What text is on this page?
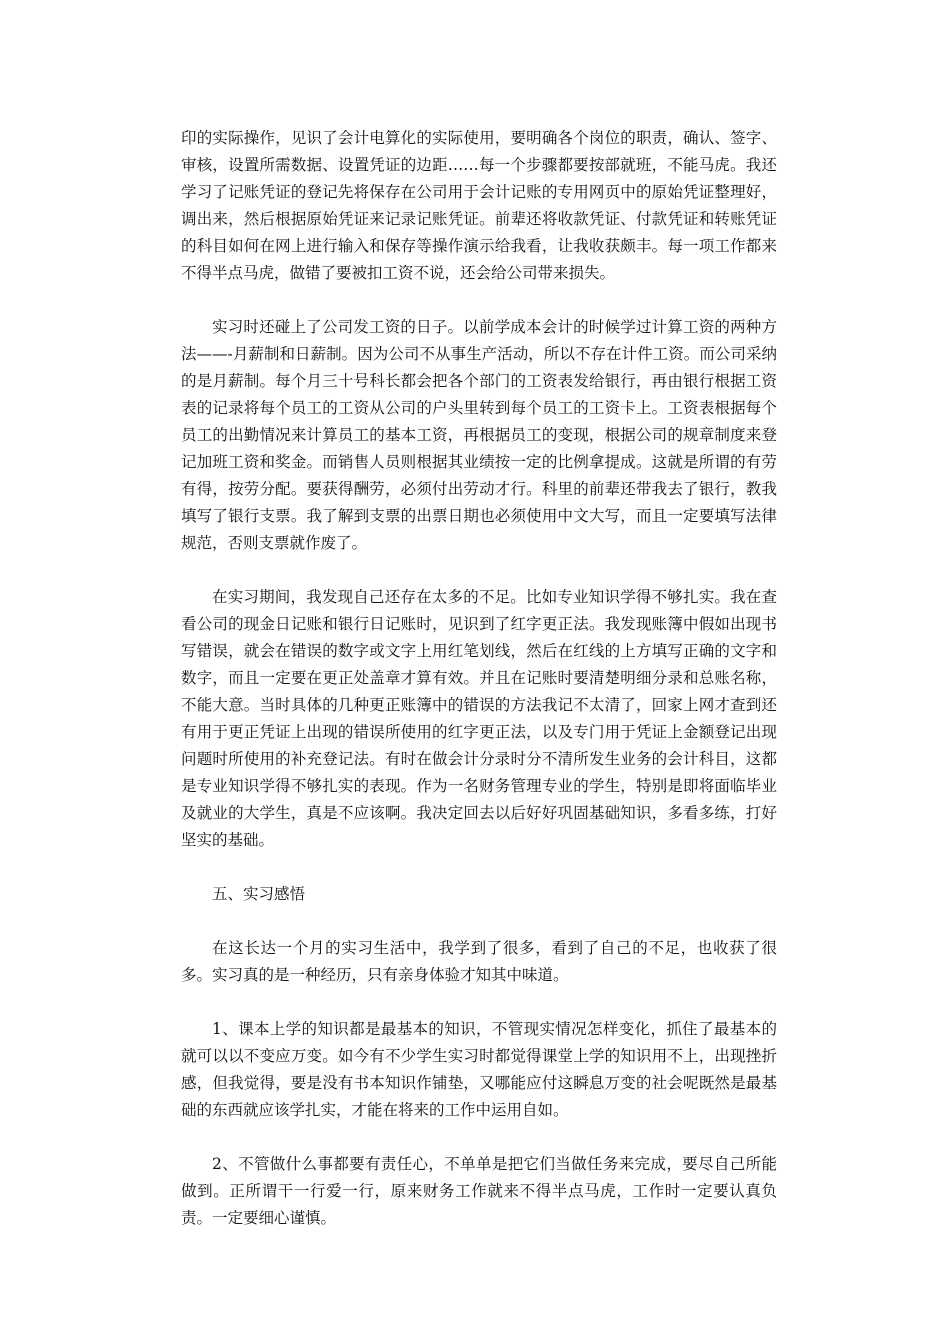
印的实际操作，见识了会计电算化的实际使用，要明确各个岗位的职责，确认、签字、审核，设置所需数据、设置凭证的边距……每一个步骤都要按部就班，不能马虎。我还学习了记账凭证的登记先将保存在公司用于会计记账的专用网页中的原始凭证整理好，调出来，然后根据原始凭证来记录记账凭证。前辈还将收款凭证、付款凭证和转账凭证的科目如何在网上进行输入和保存等操作演示给我看，让我收获颇丰。每一项工作都来不得半点马虎，做错了要被扣工资不说，还会给公司带来损失。

实习时还碰上了公司发工资的日子。以前学成本会计的时候学过计算工资的两种方法——-月薪制和日薪制。因为公司不从事生产活动，所以不存在计件工资。而公司采纳的是月薪制。每个月三十号科长都会把各个部门的工资表发给银行，再由银行根据工资表的记录将每个员工的工资从公司的户头里转到每个员工的工资卡上。工资表根据每个员工的出勤情况来计算员工的基本工资，再根据员工的变现，根据公司的规章制度来登记加班工资和奖金。而销售人员则根据其业绩按一定的比例拿提成。这就是所谓的有劳有得，按劳分配。要获得酬劳，必须付出劳动才行。科里的前辈还带我去了银行，教我填写了银行支票。我了解到支票的出票日期也必须使用中文大写，而且一定要填写法律规范，否则支票就作废了。

在实习期间，我发现自己还存在太多的不足。比如专业知识学得不够扎实。我在查看公司的现金日记账和银行日记账时，见识到了红字更正法。我发现账簿中假如出现书写错误，就会在错误的数字或文字上用红笔划线，然后在红线的上方填写正确的文字和数字，而且一定要在更正处盖章才算有效。并且在记账时要清楚明细分录和总账名称，不能大意。当时具体的几种更正账簿中的错误的方法我记不太清了，回家上网才查到还有用于更正凭证上出现的错误所使用的红字更正法，以及专门用于凭证上金额登记出现问题时所使用的补充登记法。有时在做会计分录时分不清所发生业务的会计科目，这都是专业知识学得不够扎实的表现。作为一名财务管理专业的学生，特别是即将面临毕业及就业的大学生，真是不应该啊。我决定回去以后好好巩固基础知识，多看多练，打好坚实的基础。

五、实习感悟

在这长达一个月的实习生活中，我学到了很多，看到了自己的不足，也收获了很多。实习真的是一种经历，只有亲身体验才知其中味道。

1、课本上学的知识都是最基本的知识，不管现实情况怎样变化，抓住了最基本的就可以以不变应万变。如今有不少学生实习时都觉得课堂上学的知识用不上，出现挫折感，但我觉得，要是没有书本知识作铺垫，又哪能应付这瞬息万变的社会呢既然是最基础的东西就应该学扎实，才能在将来的工作中运用自如。

2、不管做什么事都要有责任心，不单单是把它们当做任务来完成，要尽自己所能做到。正所谓干一行爱一行，原来财务工作就来不得半点马虎，工作时一定要认真负责。一定要细心谨慎。
